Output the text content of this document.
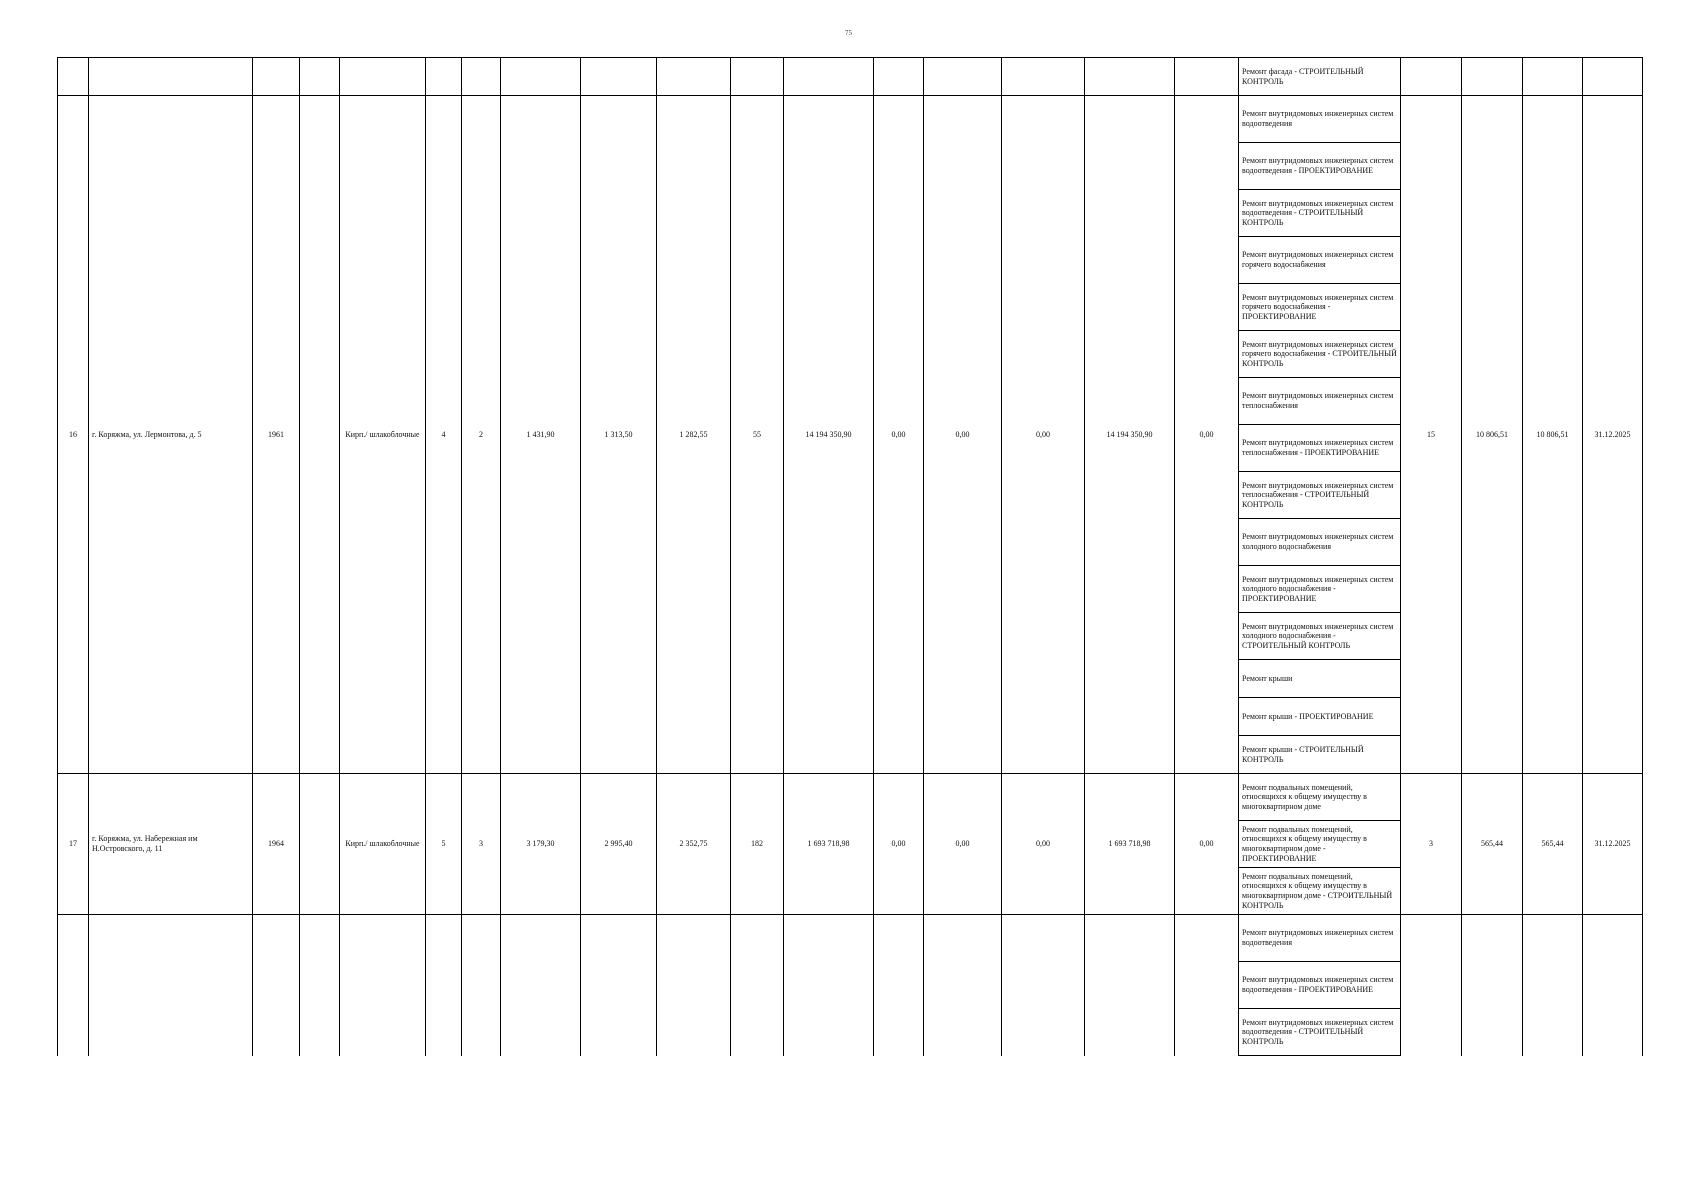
75
																	Ремонт фасада - СТРОИТЕЛЬНЫЙ КОНТРОЛЬ				
16	г. Коряжма, ул. Лермонтова, д. 5	1961		Кирп./ шлакоблочные	4	2	1 431,90	1 313,50	1 282,55	55	14 194 350,90	0,00	0,00	0,00	14 194 350,90	0,00	Ремонт внутридомовых инженерных систем водоотведения	15	10 806,51	10 806,51	31.12.2025
																	Ремонт внутридомовых инженерных систем водоотведения - ПРОЕКТИРОВАНИЕ				
																	Ремонт внутридомовых инженерных систем водоотведения - СТРОИТЕЛЬНЫЙ КОНТРОЛЬ				
																	Ремонт внутридомовых инженерных систем горячего водоснабжения				
																	Ремонт внутридомовых инженерных систем горячего водоснабжения - ПРОЕКТИРОВАНИЕ				
																	Ремонт внутридомовых инженерных систем горячего водоснабжения - СТРОИТЕЛЬНЫЙ КОНТРОЛЬ				
																	Ремонт внутридомовых инженерных систем теплоснабжения				
																	Ремонт внутридомовых инженерных систем теплоснабжения - ПРОЕКТИРОВАНИЕ				
																	Ремонт внутридомовых инженерных систем теплоснабжения - СТРОИТЕЛЬНЫЙ КОНТРОЛЬ				
																	Ремонт внутридомовых инженерных систем холодного водоснабжения				
																	Ремонт внутридомовых инженерных систем холодного водоснабжения - ПРОЕКТИРОВАНИЕ				
																	Ремонт внутридомовых инженерных систем холодного водоснабжения - СТРОИТЕЛЬНЫЙ КОНТРОЛЬ				
																	Ремонт крыши				
																	Ремонт крыши - ПРОЕКТИРОВАНИЕ				
																	Ремонт крыши - СТРОИТЕЛЬНЫЙ КОНТРОЛЬ				
17	г. Коряжма, ул. Набережная им Н.Островского, д. 11	1964		Кирп./ шлакоблочные	5	3	3 179,30	2 995,40	2 352,75	182	1 693 718,98	0,00	0,00	0,00	1 693 718,98	0,00	Ремонт подвальных помещений, относящихся к общему имуществу в многоквартирном доме	3	565,44	565,44	31.12.2025
																	Ремонт подвальных помещений, относящихся к общему имуществу в многоквартирном доме - ПРОЕКТИРОВАНИЕ				
																	Ремонт подвальных помещений, относящихся к общему имуществу в многоквартирном доме - СТРОИТЕЛЬНЫЙ КОНТРОЛЬ				
																	Ремонт внутридомовых инженерных систем водоотведения				
																	Ремонт внутридомовых инженерных систем водоотведения - ПРОЕКТИРОВАНИЕ				
																	Ремонт внутридомовых инженерных систем водоотведения - СТРОИТЕЛЬНЫЙ КОНТРОЛЬ				
